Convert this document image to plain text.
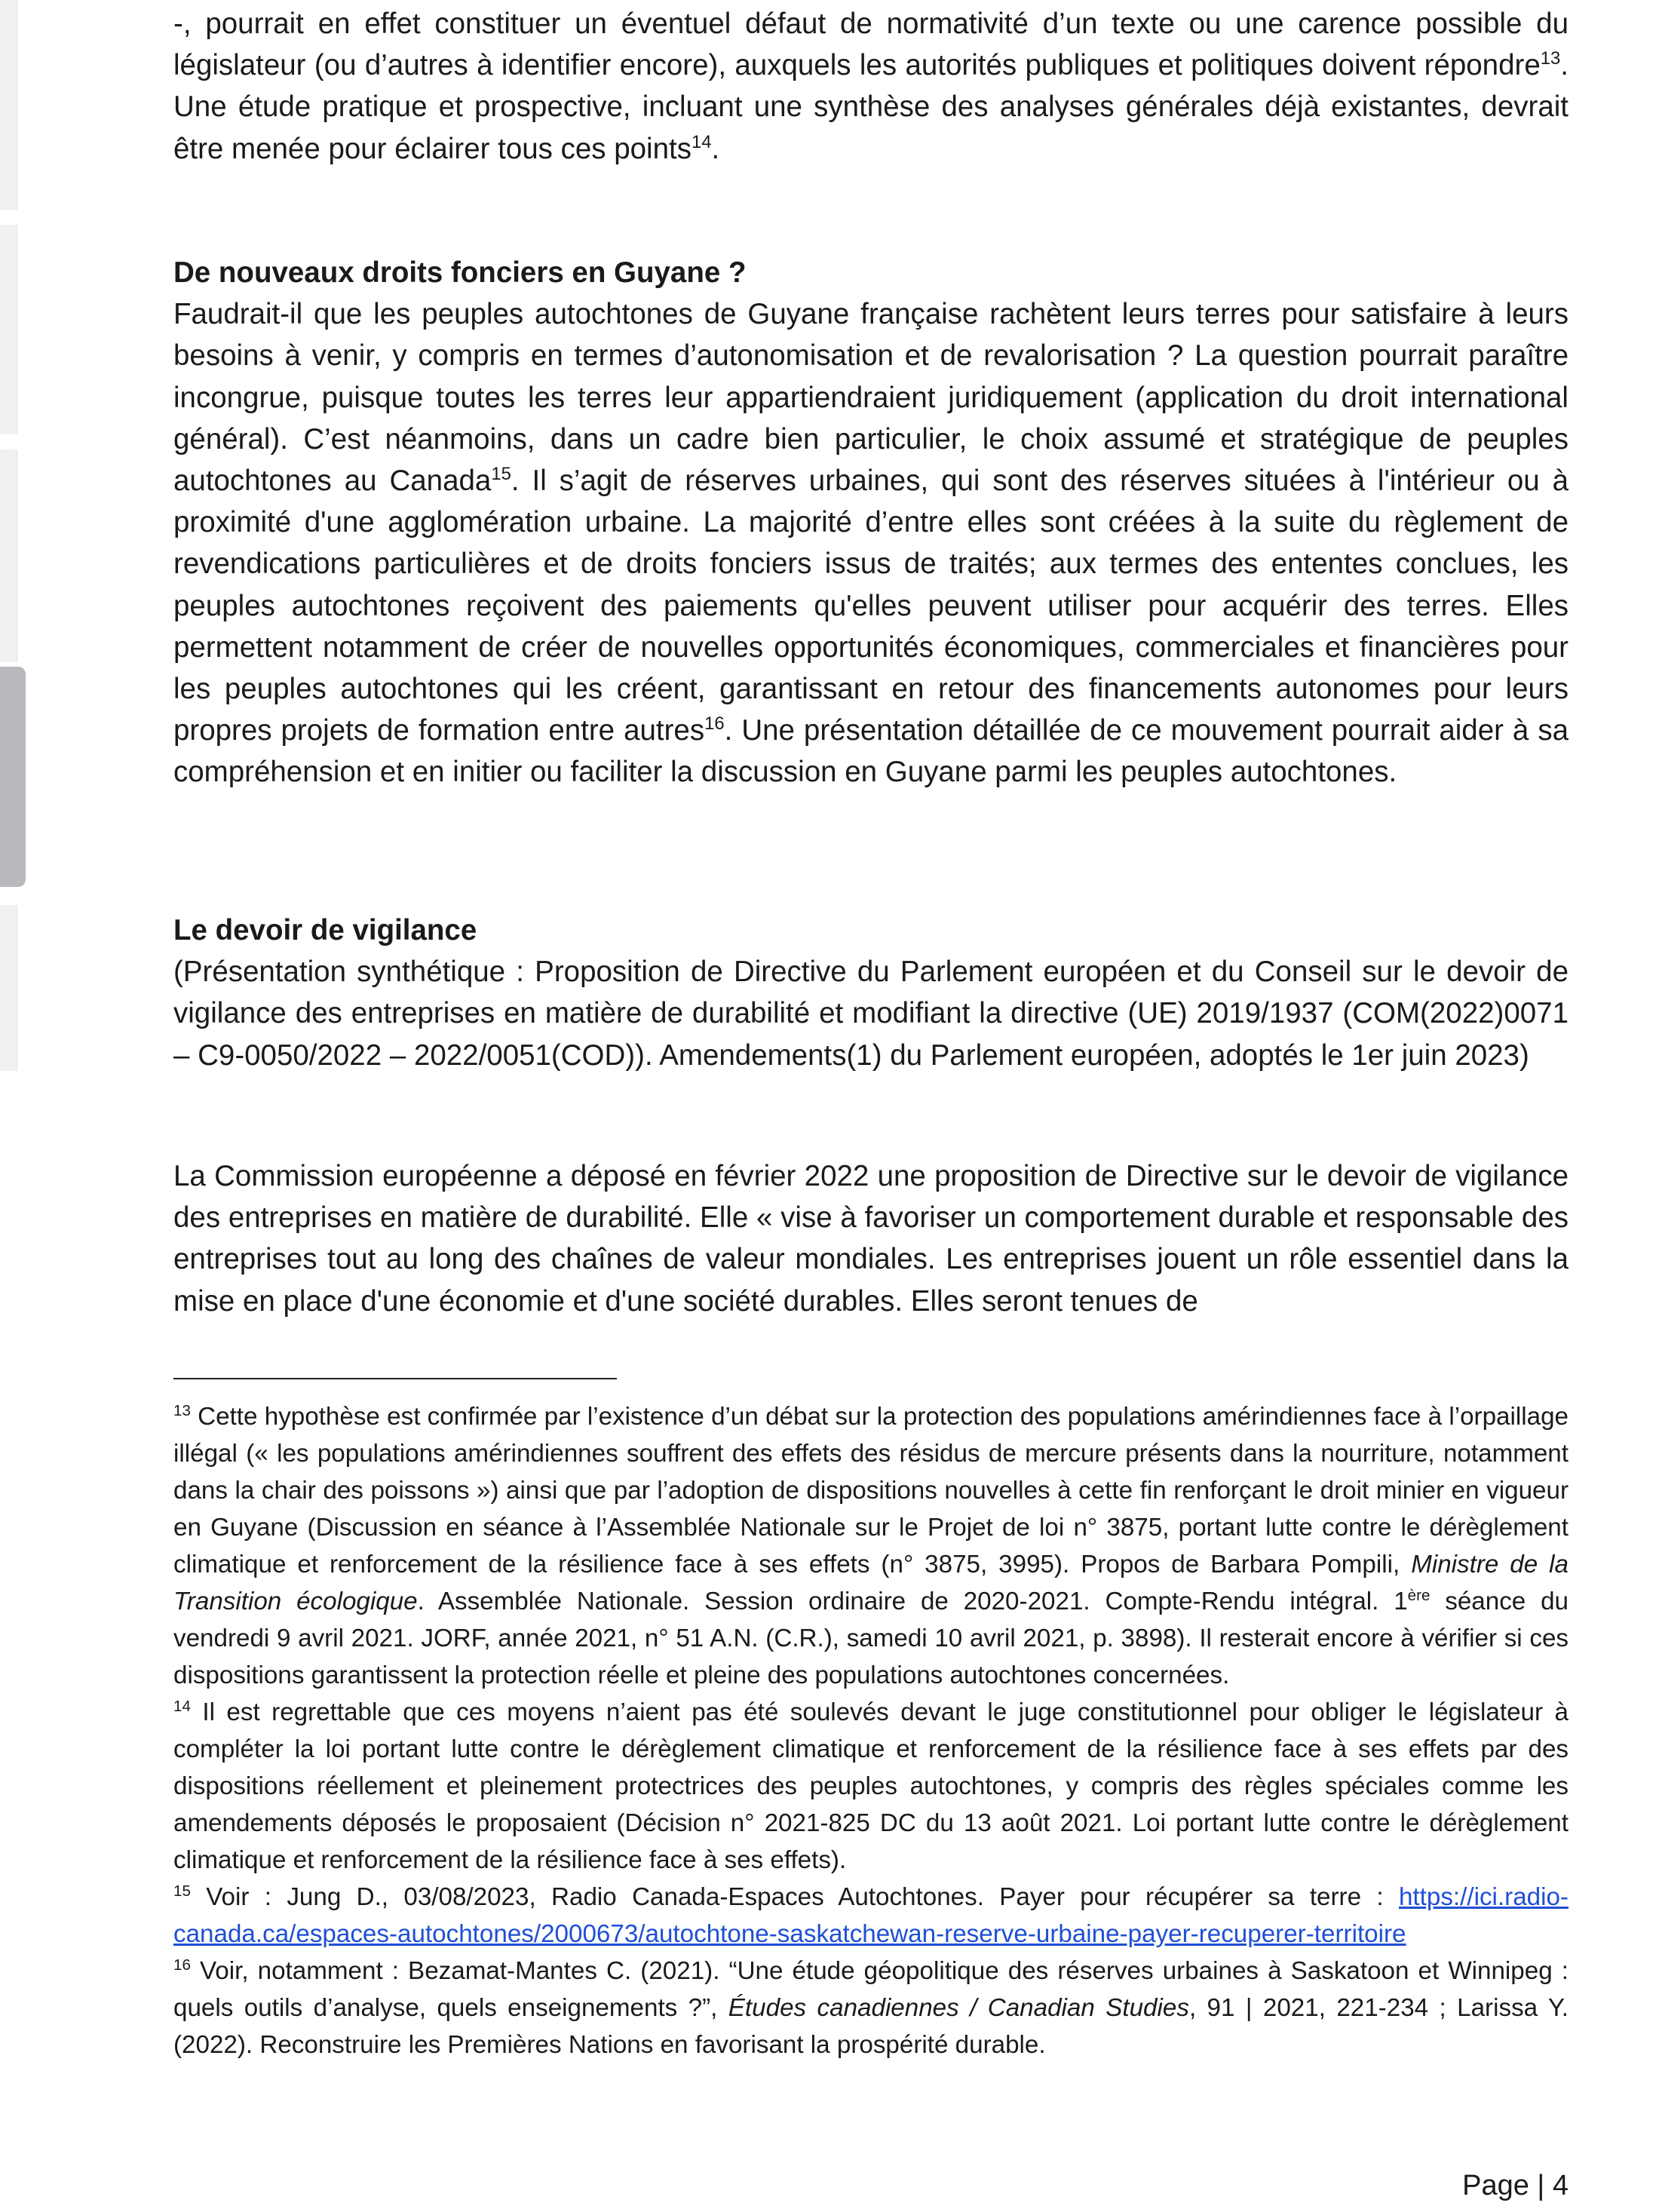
-, pourrait en effet constituer un éventuel défaut de normativité d’un texte ou une carence possible du législateur (ou d’autres à identifier encore), auxquels les autorités publiques et politiques doivent répondre$^{13}$. Une étude pratique et prospective, incluant une synthèse des analyses générales déjà existantes, devrait être menée pour éclairer tous ces points$^{14}$.

De nouveaux droits fonciers en Guyane ?

Faudrait-il que les peuples autochtones de Guyane française rachètent leurs terres pour satisfaire à leurs besoins à venir, y compris en termes d’autonomisation et de revalorisation ? La question pourrait paraître incongrue, puisque toutes les terres leur appartiendraient juridiquement (application du droit international général). C’est néanmoins, dans un cadre bien particulier, le choix assumé et stratégique de peuples autochtones au Canada$^{15}$. Il s’agit de réserves urbaines, qui sont des réserves situées à l'intérieur ou à proximité d'une agglomération urbaine. La majorité d’entre elles sont créées à la suite du règlement de revendications particulières et de droits fonciers issus de traités; aux termes des ententes conclues, les peuples autochtones reçoivent des paiements qu'elles peuvent utiliser pour acquérir des terres. Elles permettent notamment de créer de nouvelles opportunités économiques, commerciales et financières pour les peuples autochtones qui les créent, garantissant en retour des financements autonomes pour leurs propres projets de formation entre autres$^{16}$. Une présentation détaillée de ce mouvement pourrait aider à sa compréhension et en initier ou faciliter la discussion en Guyane parmi les peuples autochtones.

Le devoir de vigilance

(Présentation synthétique : Proposition de Directive du Parlement européen et du Conseil sur le devoir de vigilance des entreprises en matière de durabilité et modifiant la directive (UE) 2019/1937 (COM(2022)0071 – C9-0050/2022 – 2022/0051(COD)). Amendements(1) du Parlement européen, adoptés le 1er juin 2023)

La Commission européenne a déposé en février 2022 une proposition de Directive sur le devoir de vigilance des entreprises en matière de durabilité. Elle « vise à favoriser un comportement durable et responsable des entreprises tout au long des chaînes de valeur mondiales. Les entreprises jouent un rôle essentiel dans la mise en place d'une économie et d'une société durables. Elles seront tenues de

$^{13}$ Cette hypothèse est confirmée par l’existence d’un débat sur la protection des populations amérindiennes face à l’orpaillage illégal (« les populations amérindiennes souffrent des effets des résidus de mercure présents dans la nourriture, notamment dans la chair des poissons ») ainsi que par l’adoption de dispositions nouvelles à cette fin renforçant le droit minier en vigueur en Guyane (Discussion en séance à l’Assemblée Nationale sur le Projet de loi n° 3875, portant lutte contre le dérèglement climatique et renforcement de la résilience face à ses effets (n° 3875, 3995). Propos de Barbara Pompili, Ministre de la Transition écologique. Assemblée Nationale. Session ordinaire de 2020-2021. Compte-Rendu intégral. 1ère séance du vendredi 9 avril 2021. JORF, année 2021, n° 51 A.N. (C.R.), samedi 10 avril 2021, p. 3898). Il resterait encore à vérifier si ces dispositions garantissent la protection réelle et pleine des populations autochtones concernées.

$^{14}$ Il est regrettable que ces moyens n’aient pas été soulevés devant le juge constitutionnel pour obliger le législateur à compléter la loi portant lutte contre le dérèglement climatique et renforcement de la résilience face à ses effets par des dispositions réellement et pleinement protectrices des peuples autochtones, y compris des règles spéciales comme les amendements déposés le proposaient (Décision n° 2021-825 DC du 13 août 2021. Loi portant lutte contre le dérèglement climatique et renforcement de la résilience face à ses effets).

$^{15}$ Voir : Jung D., 03/08/2023, Radio Canada-Espaces Autochtones. Payer pour récupérer sa terre : https://ici.radio-canada.ca/espaces-autochtones/2000673/autochtone-saskatchewan-reserve-urbaine-payer-recuperer-territoire

$^{16}$ Voir, notamment : Bezamat-Mantes C. (2021). “Une étude géopolitique des réserves urbaines à Saskatoon et Winnipeg : quels outils d’analyse, quels enseignements ?”, Études canadiennes / Canadian Studies, 91 | 2021, 221-234 ; Larissa Y. (2022). Reconstruire les Premières Nations en favorisant la prospérité durable.

Page | 4
